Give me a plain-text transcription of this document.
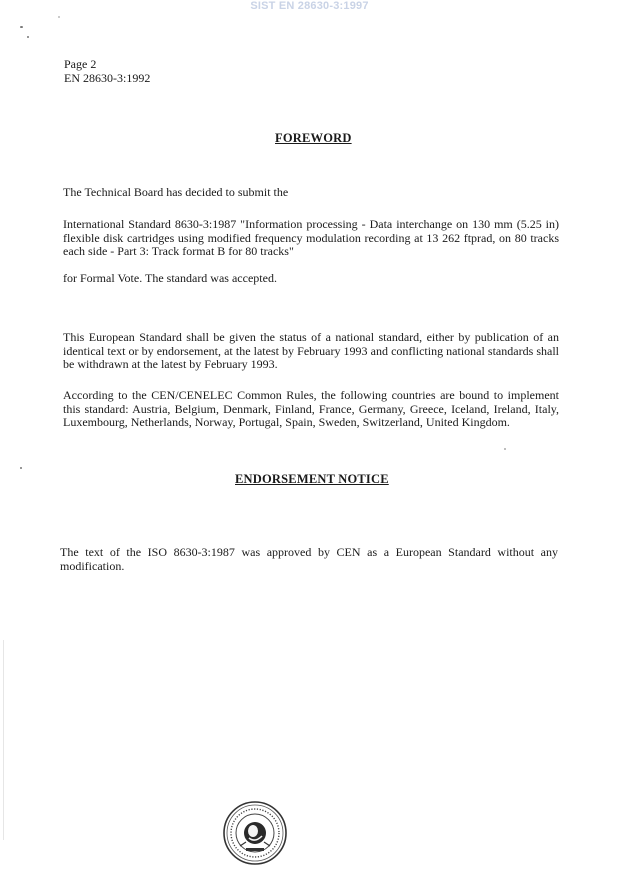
SIST EN 28630-3:1997
Page 2
EN 28630-3:1992
FOREWORD
The Technical Board has decided to submit the
International Standard 8630-3:1987 "Information processing - Data interchange on 130 mm (5.25 in) flexible disk cartridges using modified frequency modulation recording at 13 262 ftprad, on 80 tracks each side - Part 3: Track format B for 80 tracks"
for Formal Vote. The standard was accepted.
This European Standard shall be given the status of a national standard, either by publication of an identical text or by endorsement, at the latest by February 1993 and conflicting national standards shall be withdrawn at the latest by February 1993.
According to the CEN/CENELEC Common Rules, the following countries are bound to implement this standard: Austria, Belgium, Denmark, Finland, France, Germany, Greece, Iceland, Ireland, Italy, Luxembourg, Netherlands, Norway, Portugal, Spain, Sweden, Switzerland, United Kingdom.
ENDORSEMENT NOTICE
The text of the ISO 8630-3:1987 was approved by CEN as a European Standard without any modification.
